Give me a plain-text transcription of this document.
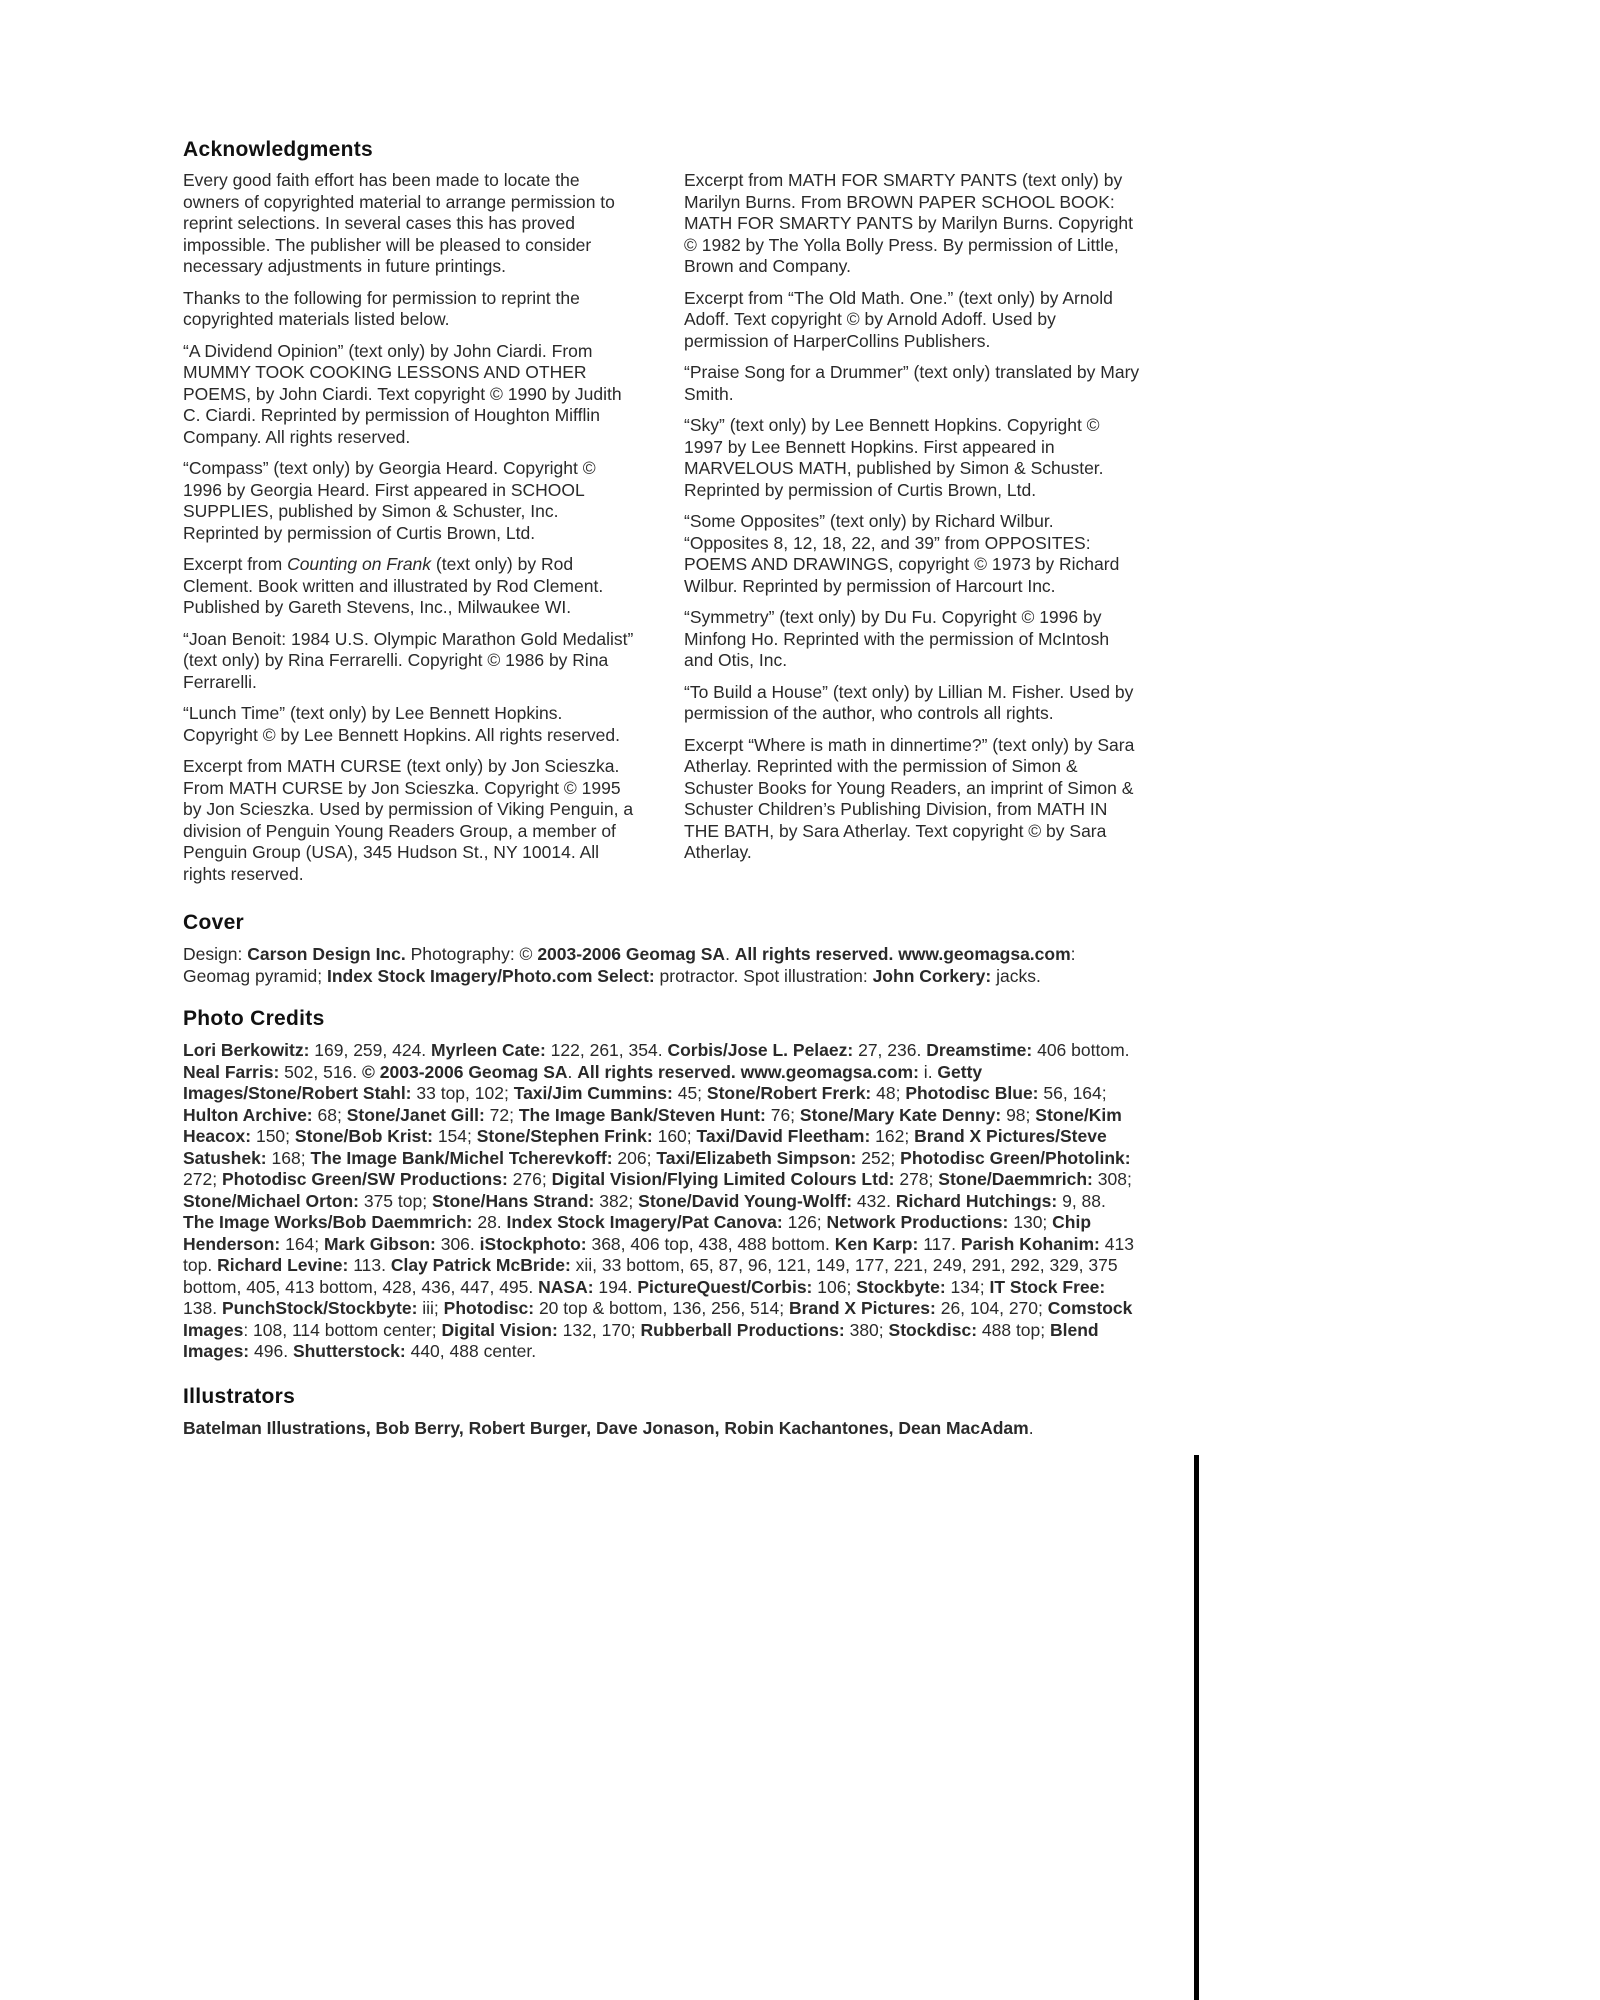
Acknowledgments

Every good faith effort has been made to locate the owners of copyrighted material to arrange permission to reprint selections. In several cases this has proved impossible. The publisher will be pleased to consider necessary adjustments in future printings.

Thanks to the following for permission to reprint the copyrighted materials listed below.

“A Dividend Opinion” (text only) by John Ciardi. From MUMMY TOOK COOKING LESSONS AND OTHER POEMS, by John Ciardi. Text copyright © 1990 by Judith C. Ciardi. Reprinted by permission of Houghton Mifflin Company. All rights reserved.

“Compass” (text only) by Georgia Heard. Copyright © 1996 by Georgia Heard. First appeared in SCHOOL SUPPLIES, published by Simon & Schuster, Inc. Reprinted by permission of Curtis Brown, Ltd.

Excerpt from Counting on Frank (text only) by Rod Clement. Book written and illustrated by Rod Clement. Published by Gareth Stevens, Inc., Milwaukee WI.

“Joan Benoit: 1984 U.S. Olympic Marathon Gold Medalist” (text only) by Rina Ferrarelli. Copyright © 1986 by Rina Ferrarelli.

“Lunch Time” (text only) by Lee Bennett Hopkins. Copyright © by Lee Bennett Hopkins. All rights reserved.

Excerpt from MATH CURSE (text only) by Jon Scieszka. From MATH CURSE by Jon Scieszka. Copyright © 1995 by Jon Scieszka. Used by permission of Viking Penguin, a division of Penguin Young Readers Group, a member of Penguin Group (USA), 345 Hudson St., NY 10014. All rights reserved.

Excerpt from MATH FOR SMARTY PANTS (text only) by Marilyn Burns. From BROWN PAPER SCHOOL BOOK: MATH FOR SMARTY PANTS by Marilyn Burns. Copyright © 1982 by The Yolla Bolly Press. By permission of Little, Brown and Company.

Excerpt from “The Old Math. One.” (text only) by Arnold Adoff. Text copyright © by Arnold Adoff. Used by permission of HarperCollins Publishers.

“Praise Song for a Drummer” (text only) translated by Mary Smith.

“Sky” (text only) by Lee Bennett Hopkins. Copyright © 1997 by Lee Bennett Hopkins. First appeared in MARVELOUS MATH, published by Simon & Schuster. Reprinted by permission of Curtis Brown, Ltd.

“Some Opposites” (text only) by Richard Wilbur. “Opposites 8, 12, 18, 22, and 39” from OPPOSITES: POEMS AND DRAWINGS, copyright © 1973 by Richard Wilbur. Reprinted by permission of Harcourt Inc.

“Symmetry” (text only) by Du Fu. Copyright © 1996 by Minfong Ho. Reprinted with the permission of McIntosh and Otis, Inc.

“To Build a House” (text only) by Lillian M. Fisher. Used by permission of the author, who controls all rights.

Excerpt “Where is math in dinnertime?” (text only) by Sara Atherlay. Reprinted with the permission of Simon & Schuster Books for Young Readers, an imprint of Simon & Schuster Children’s Publishing Division, from MATH IN THE BATH, by Sara Atherlay. Text copyright © by Sara Atherlay.

Cover

Design: Carson Design Inc. Photography: © 2003-2006 Geomag SA. All rights reserved. www.geomagsa.com: Geomag pyramid; Index Stock Imagery/Photo.com Select: protractor. Spot illustration: John Corkery: jacks.

Photo Credits

Lori Berkowitz: 169, 259, 424. Myrleen Cate: 122, 261, 354. Corbis/Jose L. Pelaez: 27, 236. Dreamstime: 406 bottom. Neal Farris: 502, 516. © 2003-2006 Geomag SA. All rights reserved. www.geomagsa.com: i. Getty Images/Stone/Robert Stahl: 33 top, 102; Taxi/Jim Cummins: 45; Stone/Robert Frerk: 48; Photodisc Blue: 56, 164; Hulton Archive: 68; Stone/Janet Gill: 72; The Image Bank/Steven Hunt: 76; Stone/Mary Kate Denny: 98; Stone/Kim Heacox: 150; Stone/Bob Krist: 154; Stone/Stephen Frink: 160; Taxi/David Fleetham: 162; Brand X Pictures/Steve Satushek: 168; The Image Bank/Michel Tcherevkoff: 206; Taxi/Elizabeth Simpson: 252; Photodisc Green/Photolink: 272; Photodisc Green/SW Productions: 276; Digital Vision/Flying Limited Colours Ltd: 278; Stone/Daemmrich: 308; Stone/Michael Orton: 375 top; Stone/Hans Strand: 382; Stone/David Young-Wolff: 432. Richard Hutchings: 9, 88. The Image Works/Bob Daemmrich: 28. Index Stock Imagery/Pat Canova: 126; Network Productions: 130; Chip Henderson: 164; Mark Gibson: 306. iStockphoto: 368, 406 top, 438, 488 bottom. Ken Karp: 117. Parish Kohanim: 413 top. Richard Levine: 113. Clay Patrick McBride: xii, 33 bottom, 65, 87, 96, 121, 149, 177, 221, 249, 291, 292, 329, 375 bottom, 405, 413 bottom, 428, 436, 447, 495. NASA: 194. PictureQuest/Corbis: 106; Stockbyte: 134; IT Stock Free: 138. PunchStock/Stockbyte: iii; Photodisc: 20 top & bottom, 136, 256, 514; Brand X Pictures: 26, 104, 270; Comstock Images: 108, 114 bottom center; Digital Vision: 132, 170; Rubberball Productions: 380; Stockdisc: 488 top; Blend Images: 496. Shutterstock: 440, 488 center.

Illustrators

Batelman Illustrations, Bob Berry, Robert Burger, Dave Jonason, Robin Kachantones, Dean MacAdam.
